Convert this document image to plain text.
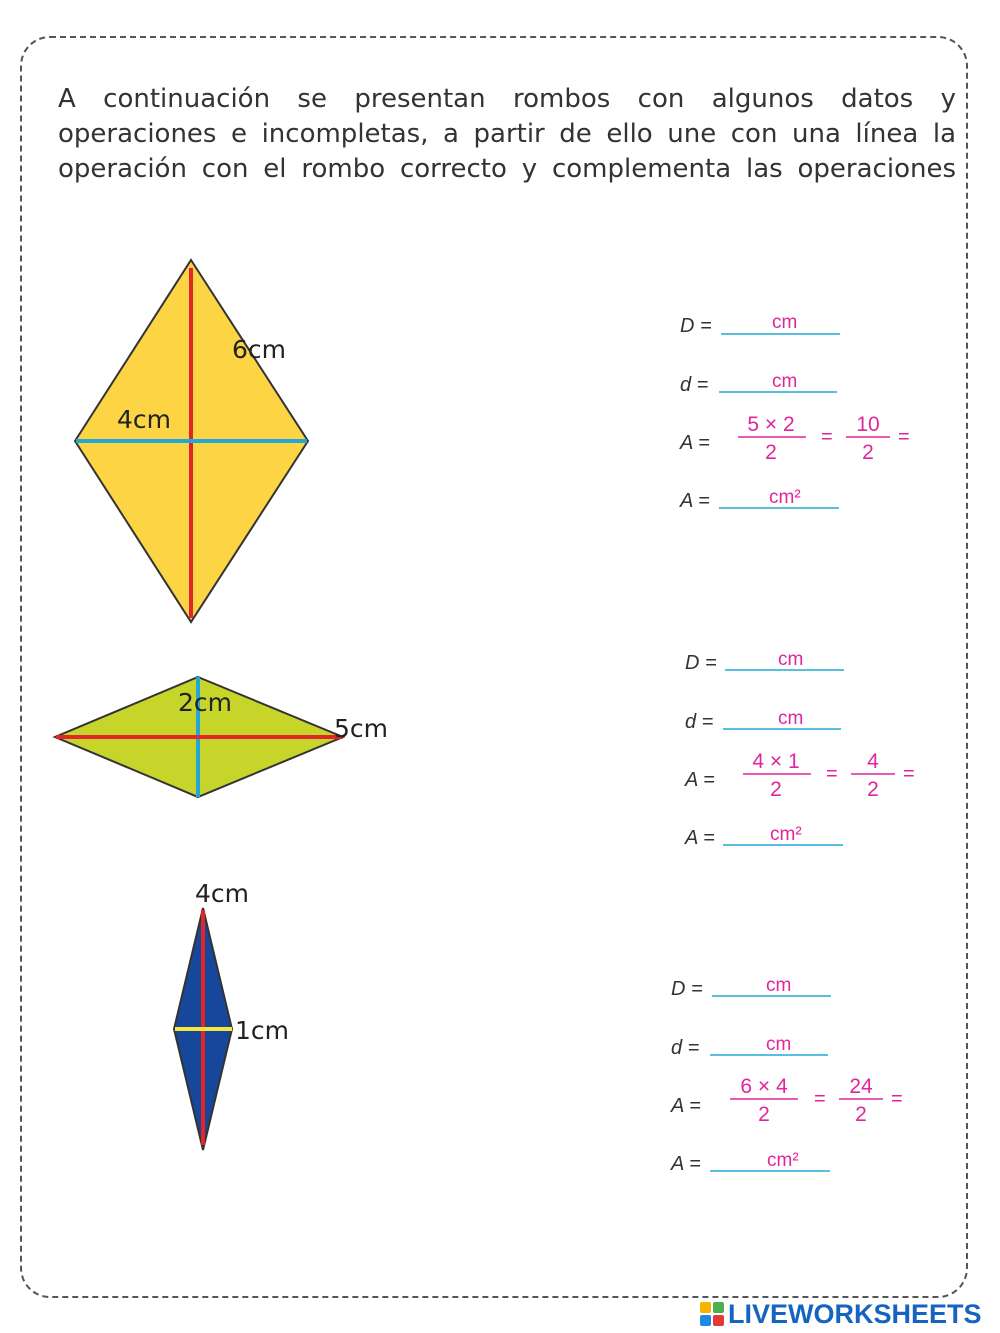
A continuación se presentan rombos con algunos datos y operaciones e incompletas, a partir de ello une con una línea la operación con el rombo correcto y complementa las operaciones

6cm
4cm
2cm
5cm
4cm
1cm
D =	cm
d =	cm
A =
5 × 2
2
=
10
2
=
A =	cm²
D =	cm
d =	cm
A =
4 × 1
2
=
4
2
=
A =	cm²
D =	cm
d =	cm
A =
6 × 4
2
=
24
2
=
A =	cm²
LIVEWORKSHEETS
